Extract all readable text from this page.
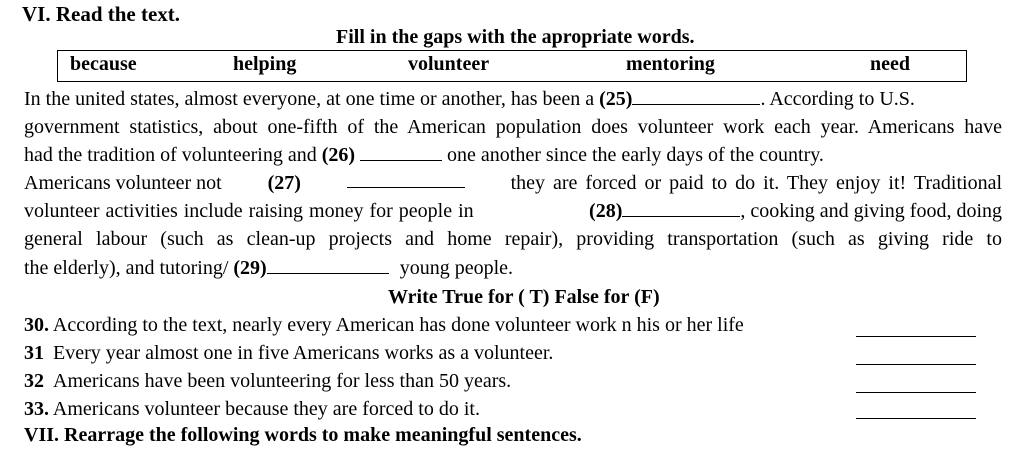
VI. Read the text.
Fill in the gaps with the apropriate words.
because	helping	volunteer	mentoring	need
In the united states, almost everyone, at one time or another, has been a (25)	. According to U.S.
government statistics, about one-fifth of the American population does volunteer work each year. Americans have
had the tradition of volunteering and (26)	one another since the early days of the country.
Americans volunteer not (27)	they are forced or paid to do it. They enjoy it! Traditional
volunteer activities include raising money for people in	(28)	, cooking and giving food, doing
general labour (such as clean-up projects and home repair), providing transportation (such as giving ride to
the elderly), and tutoring/ (29)	young people.
Write True for ( T) False for (F)
30. According to the text, nearly every American has done volunteer work n his or her life
31 Every year almost one in five Americans works as a volunteer.
32 Americans have been volunteering for less than 50 years.
33. Americans volunteer because they are forced to do it.
VII. Rearrage the following words to make meaningful sentences.
